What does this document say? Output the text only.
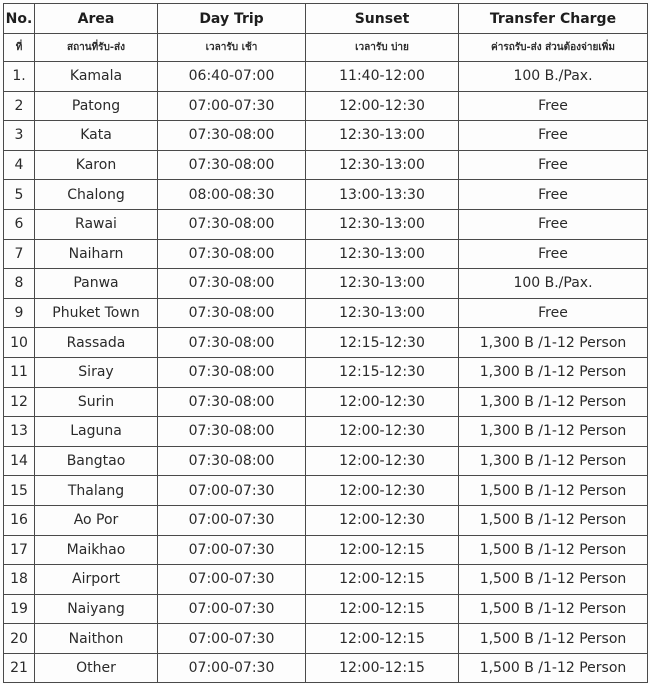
No.	Area	Day Trip	Sunset	Transfer Charge
ที่	สถานที่รับ-ส่ง	เวลารับ เช้า	เวลารับ บ่าย	ค่ารถรับ-ส่ง ส่วนต้องจ่ายเพิ่ม
1.	Kamala	06:40-07:00	11:40-12:00	100 B./Pax.
2	Patong	07:00-07:30	12:00-12:30	Free
3	Kata	07:30-08:00	12:30-13:00	Free
4	Karon	07:30-08:00	12:30-13:00	Free
5	Chalong	08:00-08:30	13:00-13:30	Free
6	Rawai	07:30-08:00	12:30-13:00	Free
7	Naiharn	07:30-08:00	12:30-13:00	Free
8	Panwa	07:30-08:00	12:30-13:00	100 B./Pax.
9	Phuket Town	07:30-08:00	12:30-13:00	Free
10	Rassada	07:30-08:00	12:15-12:30	1,300 B /1-12 Person
11	Siray	07:30-08:00	12:15-12:30	1,300 B /1-12 Person
12	Surin	07:30-08:00	12:00-12:30	1,300 B /1-12 Person
13	Laguna	07:30-08:00	12:00-12:30	1,300 B /1-12 Person
14	Bangtao	07:30-08:00	12:00-12:30	1,300 B /1-12 Person
15	Thalang	07:00-07:30	12:00-12:30	1,500 B /1-12 Person
16	Ao Por	07:00-07:30	12:00-12:30	1,500 B /1-12 Person
17	Maikhao	07:00-07:30	12:00-12:15	1,500 B /1-12 Person
18	Airport	07:00-07:30	12:00-12:15	1,500 B /1-12 Person
19	Naiyang	07:00-07:30	12:00-12:15	1,500 B /1-12 Person
20	Naithon	07:00-07:30	12:00-12:15	1,500 B /1-12 Person
21	Other	07:00-07:30	12:00-12:15	1,500 B /1-12 Person
